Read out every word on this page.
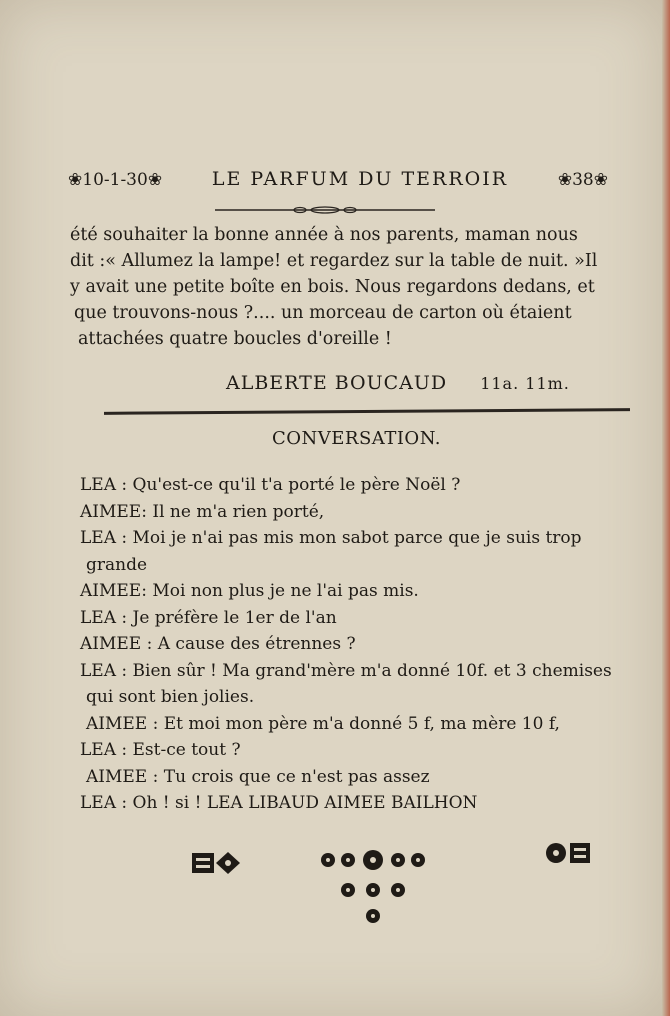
❀10-1-30❀	LE PARFUM DU TERROIR	❀38❀

été souhaiter la bonne année à nos parents, maman nous

dit :« Allumez la lampe! et regardez sur la table de nuit. »Il

y avait une petite boîte en bois. Nous regardons dedans, et

que trouvons-nous ?.... un morceau de carton où étaient

attachées quatre boucles d'oreille !

ALBERTE BOUCAUD 11a. 11m.
CONVERSATION.
LEA : Qu'est-ce qu'il t'a porté le père Noël ?
AIMEE: Il ne m'a rien porté,
LEA : Moi je n'ai pas mis mon sabot parce que je suis trop
grande
AIMEE: Moi non plus je ne l'ai pas mis.
LEA : Je préfère le 1er de l'an
AIMEE : A cause des étrennes ?
LEA : Bien sûr ! Ma grand'mère m'a donné 10f. et 3 chemises
qui sont bien jolies.
AIMEE : Et moi mon père m'a donné 5 f, ma mère 10 f,
LEA : Est-ce tout ?
AIMEE : Tu crois que ce n'est pas assez
LEA : Oh ! si ! LEA LIBAUD AIMEE BAILHON
